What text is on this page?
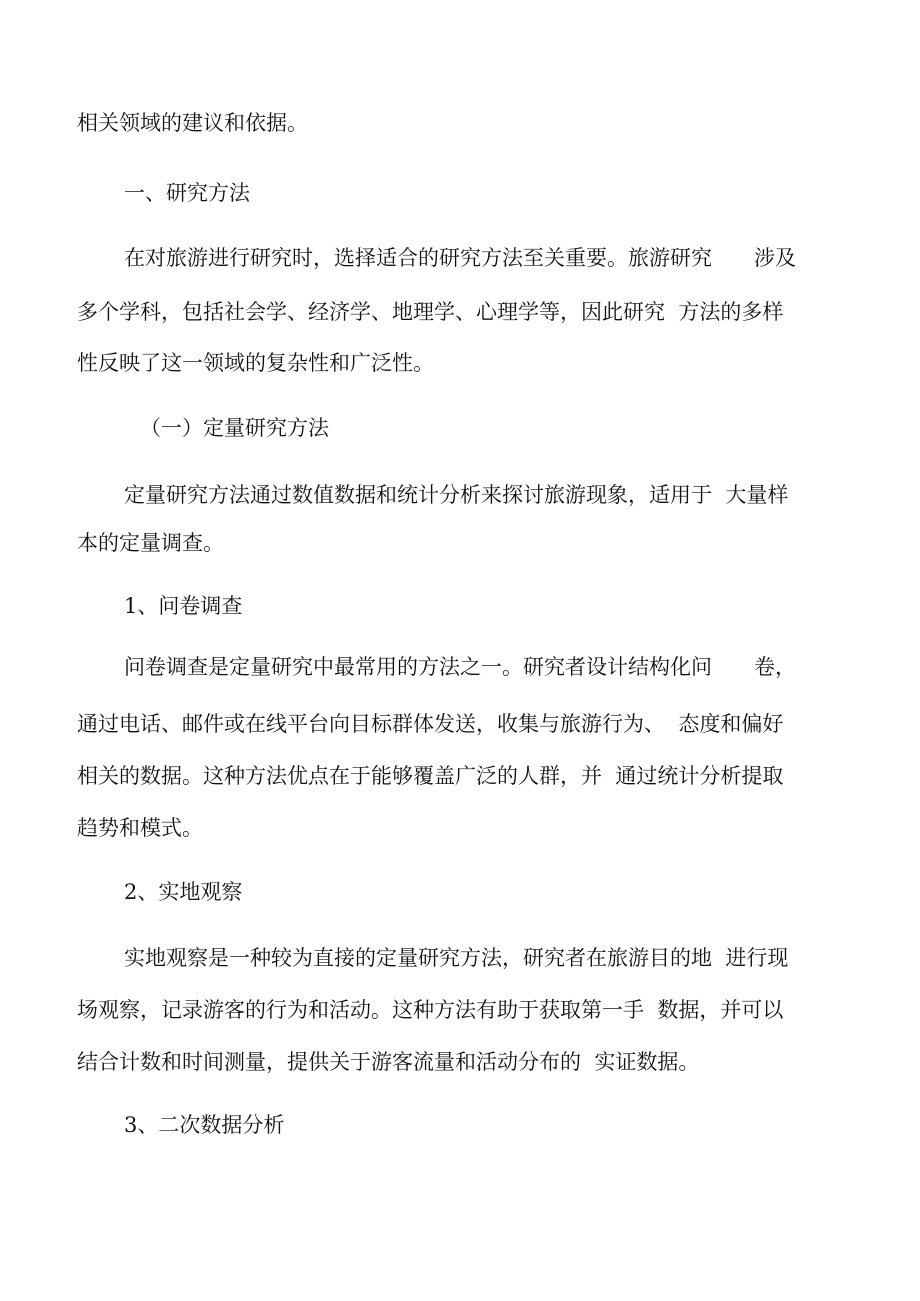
相关领域的建议和依据。
一、研究方法
在对旅游进行研究时，选择适合的研究方法至关重要。旅游研究　　涉及
多个学科，包括社会学、经济学、地理学、心理学等，因此研究  方法的多样
性反映了这一领域的复杂性和广泛性。
（一）定量研究方法
定量研究方法通过数值数据和统计分析来探讨旅游现象，适用于  大量样
本的定量调查。
1、问卷调查
问卷调查是定量研究中最常用的方法之一。研究者设计结构化问　　卷，
通过电话、邮件或在线平台向目标群体发送，收集与旅游行为、  态度和偏好
相关的数据。这种方法优点在于能够覆盖广泛的人群，并  通过统计分析提取
趋势和模式。
2、实地观察
实地观察是一种较为直接的定量研究方法，研究者在旅游目的地  进行现
场观察，记录游客的行为和活动。这种方法有助于获取第一手  数据，并可以
结合计数和时间测量，提供关于游客流量和活动分布的  实证数据。
3、二次数据分析
